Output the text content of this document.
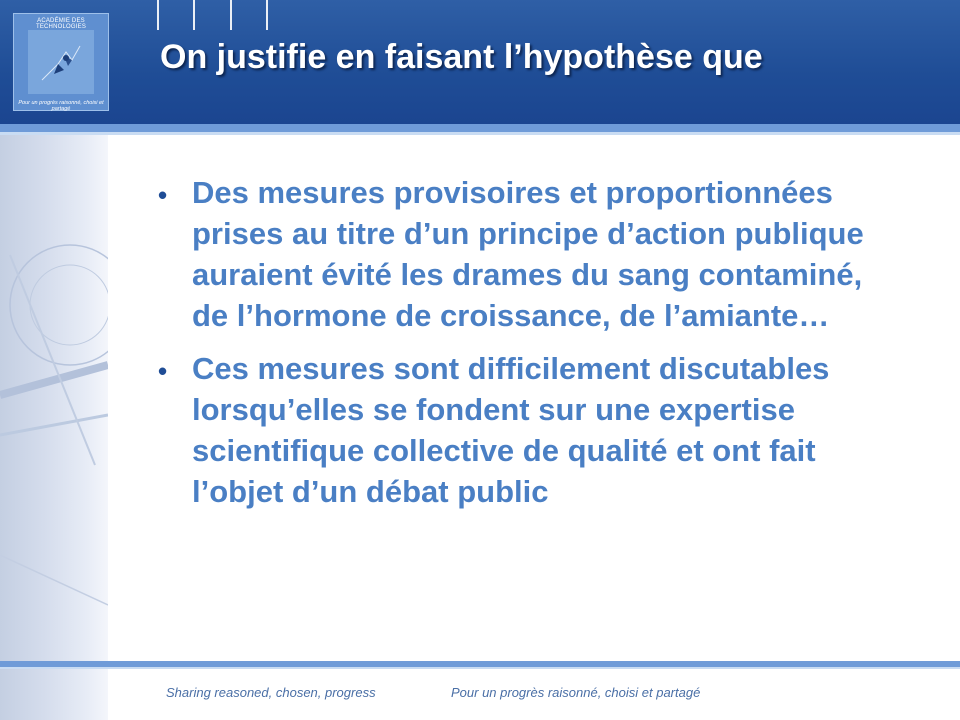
ACADÉMIE DES TECHNOLOGIES
Pour un progrès raisonné, choisi et partagé
On justifie en faisant l’hypothèse que
• Des mesures provisoires et proportionnées prises au titre d’un principe d’action publique auraient évité les drames du sang contaminé, de l’hormone de croissance, de l’amiante…
• Ces mesures sont difficilement discutables lorsqu’elles se fondent sur une expertise scientifique collective de qualité et ont fait l’objet d’un débat public
Sharing reasoned, chosen, progress	Pour un progrès raisonné, choisi et partagé
